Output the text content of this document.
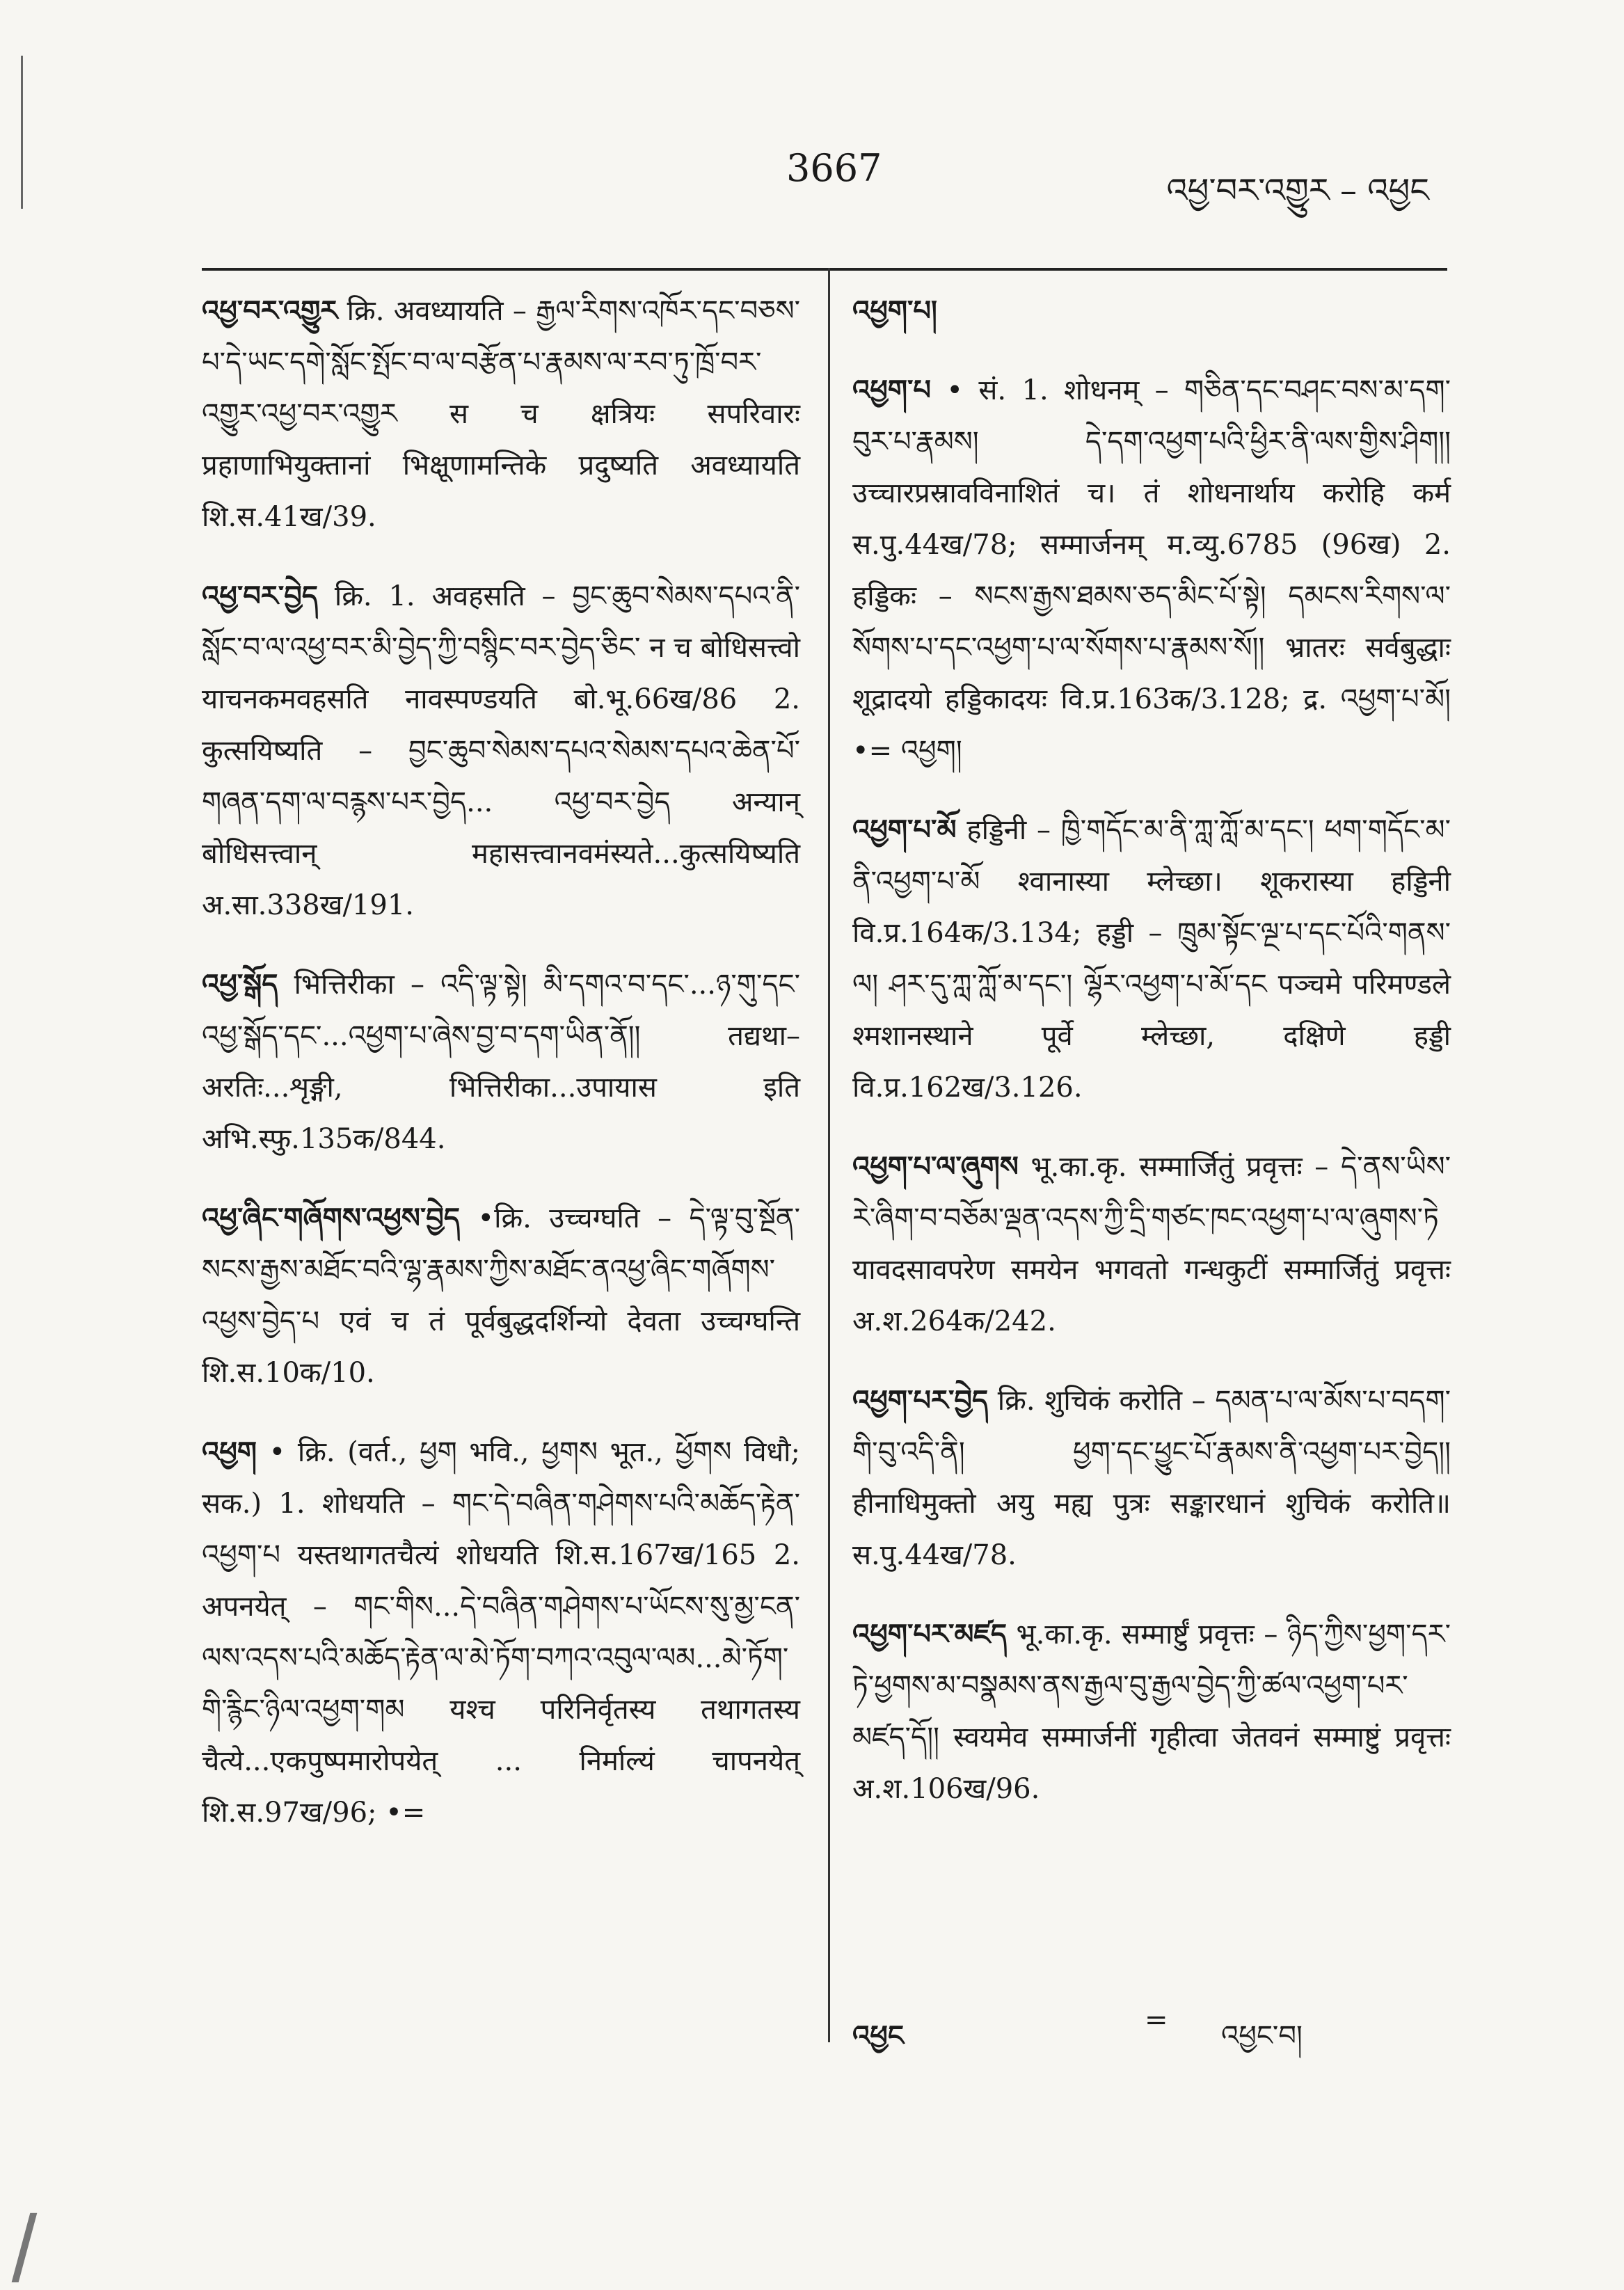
3667
འཕྱ་བར་འགྱུར – འཕྱང
འཕྱ་བར་འགྱུར क्रि. अवध्यायति – རྒྱལ་རིགས་འཁོར་དང་བཅས་པ་དེ་ཡང་དགེ་སློང་སྤོང་བ་ལ་བརྩོན་པ་རྣམས་ལ་རབ་ཏུ་ཁྲོ་བར་འགྱུར་འཕྱ་བར་འགྱུར स च क्षत्रियः सपरिवारः प्रहाणाभियुक्तानां भिक्षूणामन्तिके प्रदुष्यति अवध्यायति शि.स.41ख/39.
འཕྱ་བར་བྱེད क्रि. 1. अवहसति – བྱང་ཆུབ་སེམས་དཔའ་ནི་སློང་བ་ལ་འཕྱ་བར་མི་བྱེད་ཀྱི་བསྙིང་བར་བྱེད་ཅིང་ न च बोधिसत्त्वो याचनकमवहसति नावस्पण्डयति बो.भू.66ख/86 2. कुत्सयिष्यति – བྱང་ཆུབ་སེམས་དཔའ་སེམས་དཔའ་ཆེན་པོ་གཞན་དག་ལ་བརྙས་པར་བྱེད... འཕྱ་བར་བྱེད अन्यान् बोधिसत्त्वान् महासत्त्वानवमंस्यते...कुत्सयिष्यति अ.सा.338ख/191.
འཕྱ་སྒོད भित्तिरीका – འདི་ལྟ་སྟེ། མི་དགའ་བ་དང་...ཉ་གུ་དང་འཕྱ་སྒོད་དང་...འཕྱག་པ་ཞེས་བྱ་བ་དག་ཡིན་ནོ།། तद्यथा–अरतिः...शृङ्गी, भित्तिरीका...उपायास इति अभि.स्फु.135क/844.
འཕྱ་ཞིང་གཞོགས་འཕྱས་བྱེད •क्रि. उच्चग्घति – དེ་ལྟ་བུ་སྔོན་སངས་རྒྱས་མཐོང་བའི་ལྷ་རྣམས་ཀྱིས་མཐོང་ནའཕྱ་ཞིང་གཞོགས་འཕྱས་བྱེད་པ एवं च तं पूर्वबुद्धदर्शिन्यो देवता उच्चग्घन्ति शि.स.10क/10.
འཕྱག • क्रि. (वर्त., ཕྱག भवि., ཕྱགས भूत., ཕྱོགས विधौ; सक.) 1. शोधयति – གང་དེ་བཞིན་གཤེགས་པའི་མཆོད་རྟེན་འཕྱག་པ यस्तथागतचैत्यं शोधयति शि.स.167ख/165 2. अपनयेत् – གང་གིས...དེ་བཞིན་གཤེགས་པ་ཡོངས་སུ་མྱ་ངན་ལས་འདས་པའི་མཆོད་རྟེན་ལ་མེ་ཏོག་བཀའ་འབུལ་ལམ...མེ་ཏོག་གི་རྙིང་ཉིལ་འཕྱག་གམ यश्च परिनिर्वृतस्य तथागतस्य चैत्ये...एकपुष्पमारोपयेत् ... निर्माल्यं चापनयेत् शि.स.97ख/96; •=
འཕྱག་པ།
འཕྱག་པ • सं. 1. शोधनम् – གཅིན་དང་བཤང་བས་མ་དག་བུར་པ་རྣམས། དེ་དག་འཕྱག་པའི་ཕྱིར་ནི་ལས་གྱིས་ཤིག།། उच्चारप्रस्रावविनाशितं च। तं शोधनार्थाय करोहि कर्म स.पु.44ख/78; सम्मार्जनम् म.व्यु.6785 (96ख) 2. हड्डिकः – སངས་རྒྱས་ཐམས་ཅད་མིང་པོ་སྟེ། དམངས་རིགས་ལ་སོགས་པ་དང་འཕྱག་པ་ལ་སོགས་པ་རྣམས་སོ།། भ्रातरः सर्वबुद्धाः शूद्रादयो हड्डिकादयः वि.प्र.163क/3.128; द्र. འཕྱག་པ་མོ། •= འཕྱག།
འཕྱག་པ་མོ हड्डिनी – ཁྱི་གདོང་མ་ནི་ཀླ་ཀློ་མ་དང་། ཕག་གདོང་མ་ནི་འཕྱག་པ་མོ श्वानास्या म्लेच्छा। शूकरास्या हड्डिनी वि.प्र.164क/3.134; हड्डी – ཁྲུམ་སྟོང་ལྔ་པ་དང་པོའི་གནས་ལ། ཤར་དུ་ཀླ་ཀློ་མ་དང་། ལྷོར་འཕྱག་པ་མོ་དང पञ्चमे परिमण्डले श्मशानस्थाने पूर्वे म्लेच्छा, दक्षिणे हड्डी वि.प्र.162ख/3.126.
འཕྱག་པ་ལ་ཞུགས भू.का.कृ. सम्मार्जितुं प्रवृत्तः – དེ་ནས་ཡིས་རེ་ཞིག་བ་བཅོམ་ལྡན་འདས་ཀྱི་དྲི་གཙང་ཁང་འཕྱག་པ་ལ་ཞུགས་ཏེ यावदसावपरेण समयेन भगवतो गन्धकुटीं सम्मार्जितुं प्रवृत्तः अ.श.264क/242.
འཕྱག་པར་བྱེད क्रि. शुचिकं करोति – དམན་པ་ལ་མོས་པ་བདག་གི་བུ་འདི་ནི། ཕྱག་དང་ཕྱུང་པོ་རྣམས་ནི་འཕྱག་པར་བྱེད།། हीनाधिमुक्तो अयु मह्य पुत्रः सङ्कारधानं शुचिकं करोति॥ स.पु.44ख/78.
འཕྱག་པར་མཛད भू.का.कृ. सम्मार्ष्टुं प्रवृत्तः – ཉིད་ཀྱིས་ཕྱག་དར་ཏེ་ཕྱགས་མ་བསྣམས་ནས་རྒྱལ་བུ་རྒྱལ་བྱེད་ཀྱི་ཚལ་འཕྱག་པར་མཛད་དོ།། स्वयमेव सम्मार्जनीं गृहीत्वा जेतवनं सम्माष्टुं प्रवृत्तः अ.श.106ख/96.
འཕྱང	= འཕྱང་བ།
